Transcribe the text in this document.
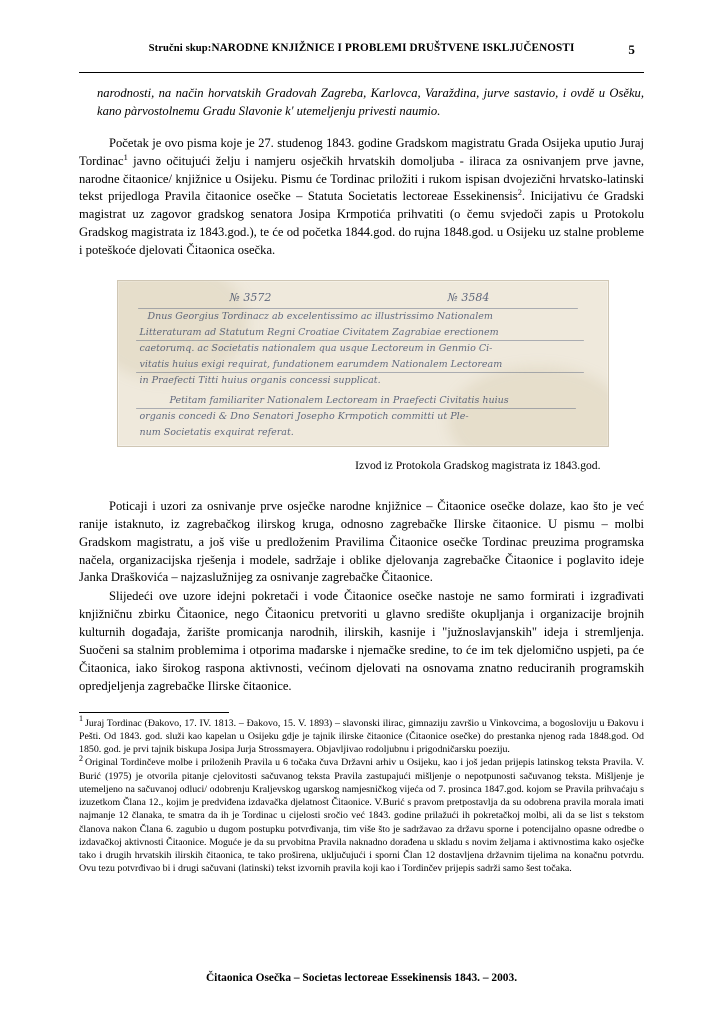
Stručni skup : NARODNE KNJIŽNICE I PROBLEMI DRUŠTVENE ISKLJUČENOSTI	5

narodnosti, na način horvatskih Gradovah Zagreba, Karlovca, Varaždina, jurve sastavio, i ovdě u Osěku, kano pàrvostolnemu Gradu Slavonie k' utemeljenju privesti naumio.

Početak je ovo pisma koje je 27. studenog 1843. godine Gradskom magistratu Grada Osijeka uputio Juraj Tordinac$^1$ javno očitujući želju i namjeru osječkih hrvatskih domoljuba - iliraca za osnivanjem prve javne, narodne čitaonice/ knjižnice u Osijeku. Pismu će Tordinac priložiti i rukom ispisan dvojezični hrvatsko-latinski tekst prijedloga Pravila čitaonice osečke – Statuta Societatis lectoreae Essekinensis$^2$. Inicijativu će Gradski magistrat uz zagovor gradskog senatora Josipa Krmpotića prihvatiti (o čemu svjedoči zapis u Protokolu Gradskog magistrata iz 1843.god.), te će od početka 1844.god. do rujna 1848.god. u Osijeku uz stalne probleme i poteškoće djelovati Čitaonica osečka.

№ 3572	№ 3584
Dnus Georgius Tordinacz ab excelentissimo ac illustrissimo Nationalem
Litteraturam ad Statutum Regni Croatiae Civitatem Zagrabiae erectionem
caetorumq. ac Societatis nationalem qua usque Lectoreum in Genmio Ci-
vitatis huius exigi requirat, fundationem earumdem Nationalem Lectoream
in Praefecti Titti huius organis concessi supplicat.
Petitam familiariter Nationalem Lectoream in Praefecti Civitatis huius
organis concedi & Dno Senatori Josepho Krmpotich committi ut Ple-
num Societatis exquirat referat.
Izvod iz Protokola Gradskog magistrata iz 1843.god.

Poticaji i uzori za osnivanje prve osječke narodne knjižnice – Čitaonice osečke dolaze, kao što je već ranije istaknuto, iz zagrebačkog ilirskog kruga, odnosno zagrebačke Ilirske čitaonice. U pismu – molbi Gradskom magistratu, a još više u predloženim Pravilima Čitaonice osečke Tordinac preuzima programska načela, organizacijska rješenja i modele, sadržaje i oblike djelovanja zagrebačke Čitaonice i poglavito ideje Janka Draškovića – najzaslužnijeg za osnivanje zagrebačke Čitaonice.

Slijedeći ove uzore idejni pokretači i vode Čitaonice osečke nastoje ne samo formirati i izgrađivati knjižničnu zbirku Čitaonice, nego Čitaonicu pretvoriti u glavno središte okupljanja i organizacije brojnih kulturnih događaja, žarište promicanja narodnih, ilirskih, kasnije i "južnoslavjanskih" ideja i stremljenja. Suočeni sa stalnim problemima i otporima mađarske i njemačke sredine, to će im tek djelomično uspjeti, pa će Čitaonica, iako širokog raspona aktivnosti, većinom djelovati na osnovama znatno reduciranih programskih opredjeljenja zagrebačke Ilirske čitaonice.

$^1$ Juraj Tordinac (Đakovo, 17. IV. 1813. – Đakovo, 15. V. 1893) – slavonski ilirac, gimnaziju završio u Vinkovcima, a bogosloviju u Đakovu i Pešti. Od 1843. god. služi kao kapelan u Osijeku gdje je tajnik ilirske čitaonice (Čitaonice osečke) do prestanka njenog rada 1848.god. Od 1850. god. je prvi tajnik biskupa Josipa Jurja Strossmayera. Objavljivao rodoljubnu i prigodničarsku poeziju.

$^2$ Original Tordinčeve molbe i priloženih Pravila u 6 točaka čuva Državni arhiv u Osijeku, kao i još jedan prijepis latinskog teksta Pravila. V. Burić (1975) je otvorila pitanje cjelovitosti sačuvanog teksta Pravila zastupajući mišljenje o nepotpunosti sačuvanog teksta. Mišljenje je utemeljeno na sačuvanoj odluci/ odobrenju Kraljevskog ugarskog namjesničkog vijeća od 7. prosinca 1847.god. kojom se Pravila prihvaćaju s izuzetkom Člana 12., kojim je predviđena izdavačka djelatnost Čitaonice. V.Burić s pravom pretpostavlja da su odobrena pravila morala imati najmanje 12 članaka, te smatra da ih je Tordinac u cijelosti sročio već 1843. godine prilažući ih pokretačkoj molbi, ali da se list s tekstom članova nakon Člana 6. zagubio u dugom postupku potvrđivanja, tim više što je sadržavao za državu sporne i potencijalno opasne odredbe o izdavačkoj aktivnosti Čitaonice. Moguće je da su prvobitna Pravila naknadno dorađena u skladu s novim željama i aktivnostima kako osječke tako i drugih hrvatskih ilirskih čitaonica, te tako proširena, uključujući i sporni Član 12 dostavljena državnim tijelima na konačnu potvrdu. Ovu tezu potvrđivao bi i drugi sačuvani (latinski) tekst izvornih pravila koji kao i Tordinčev prijepis sadrži samo šest točaka.

Čitaonica Osečka – Societas lectoreae Essekinensis 1843. – 2003.
